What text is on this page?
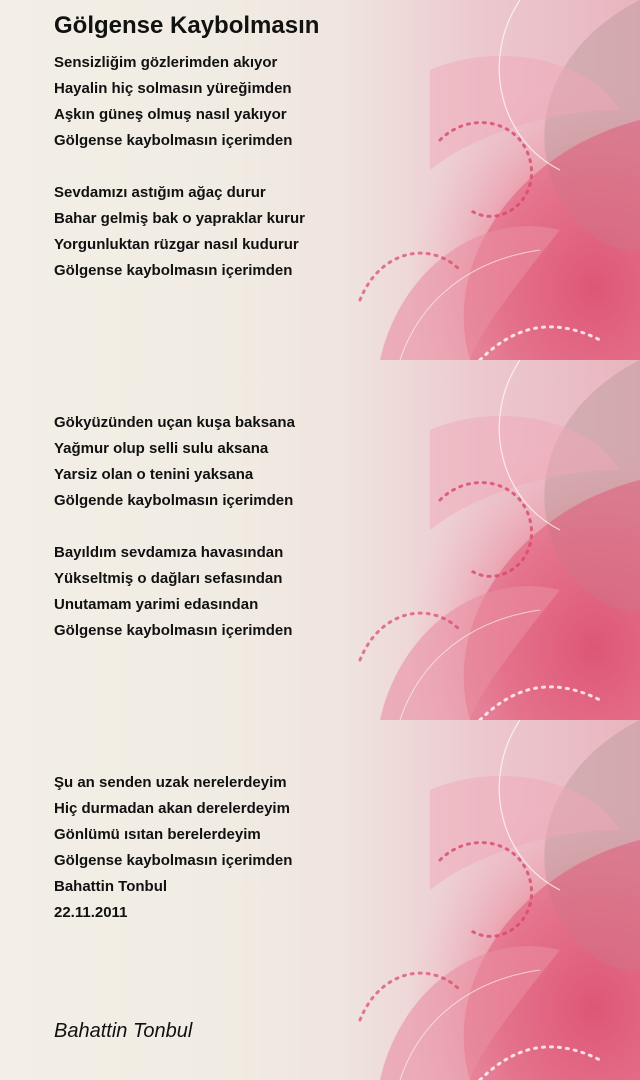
Gölgense Kaybolmasın
Sensizliğim gözlerimden akıyor
Hayalin hiç solmasın yüreğimden
Aşkın güneş olmuş nasıl yakıyor
Gölgense kaybolmasın içerimden
Sevdamızı astığım ağaç durur
Bahar gelmiş bak o yapraklar kurur
Yorgunluktan rüzgar nasıl kudurur
Gölgense kaybolmasın içerimden
Gökyüzünden uçan kuşa baksana
Yağmur olup selli sulu aksana
Yarsiz olan o tenini yaksana
Gölgende kaybolmasın içerimden
Bayıldım sevdamıza havasından
Yükseltmiş o dağları sefasından
Unutamam yarimi edasından
Gölgense kaybolmasın içerimden
Şu an senden uzak nerelerdeyim
Hiç durmadan akan derelerdeyim
Gönlümü ısıtan berelerdeyim
Gölgense kaybolmasın içerimden
Bahattin Tonbul
22.11.2011
Bahattin Tonbul
